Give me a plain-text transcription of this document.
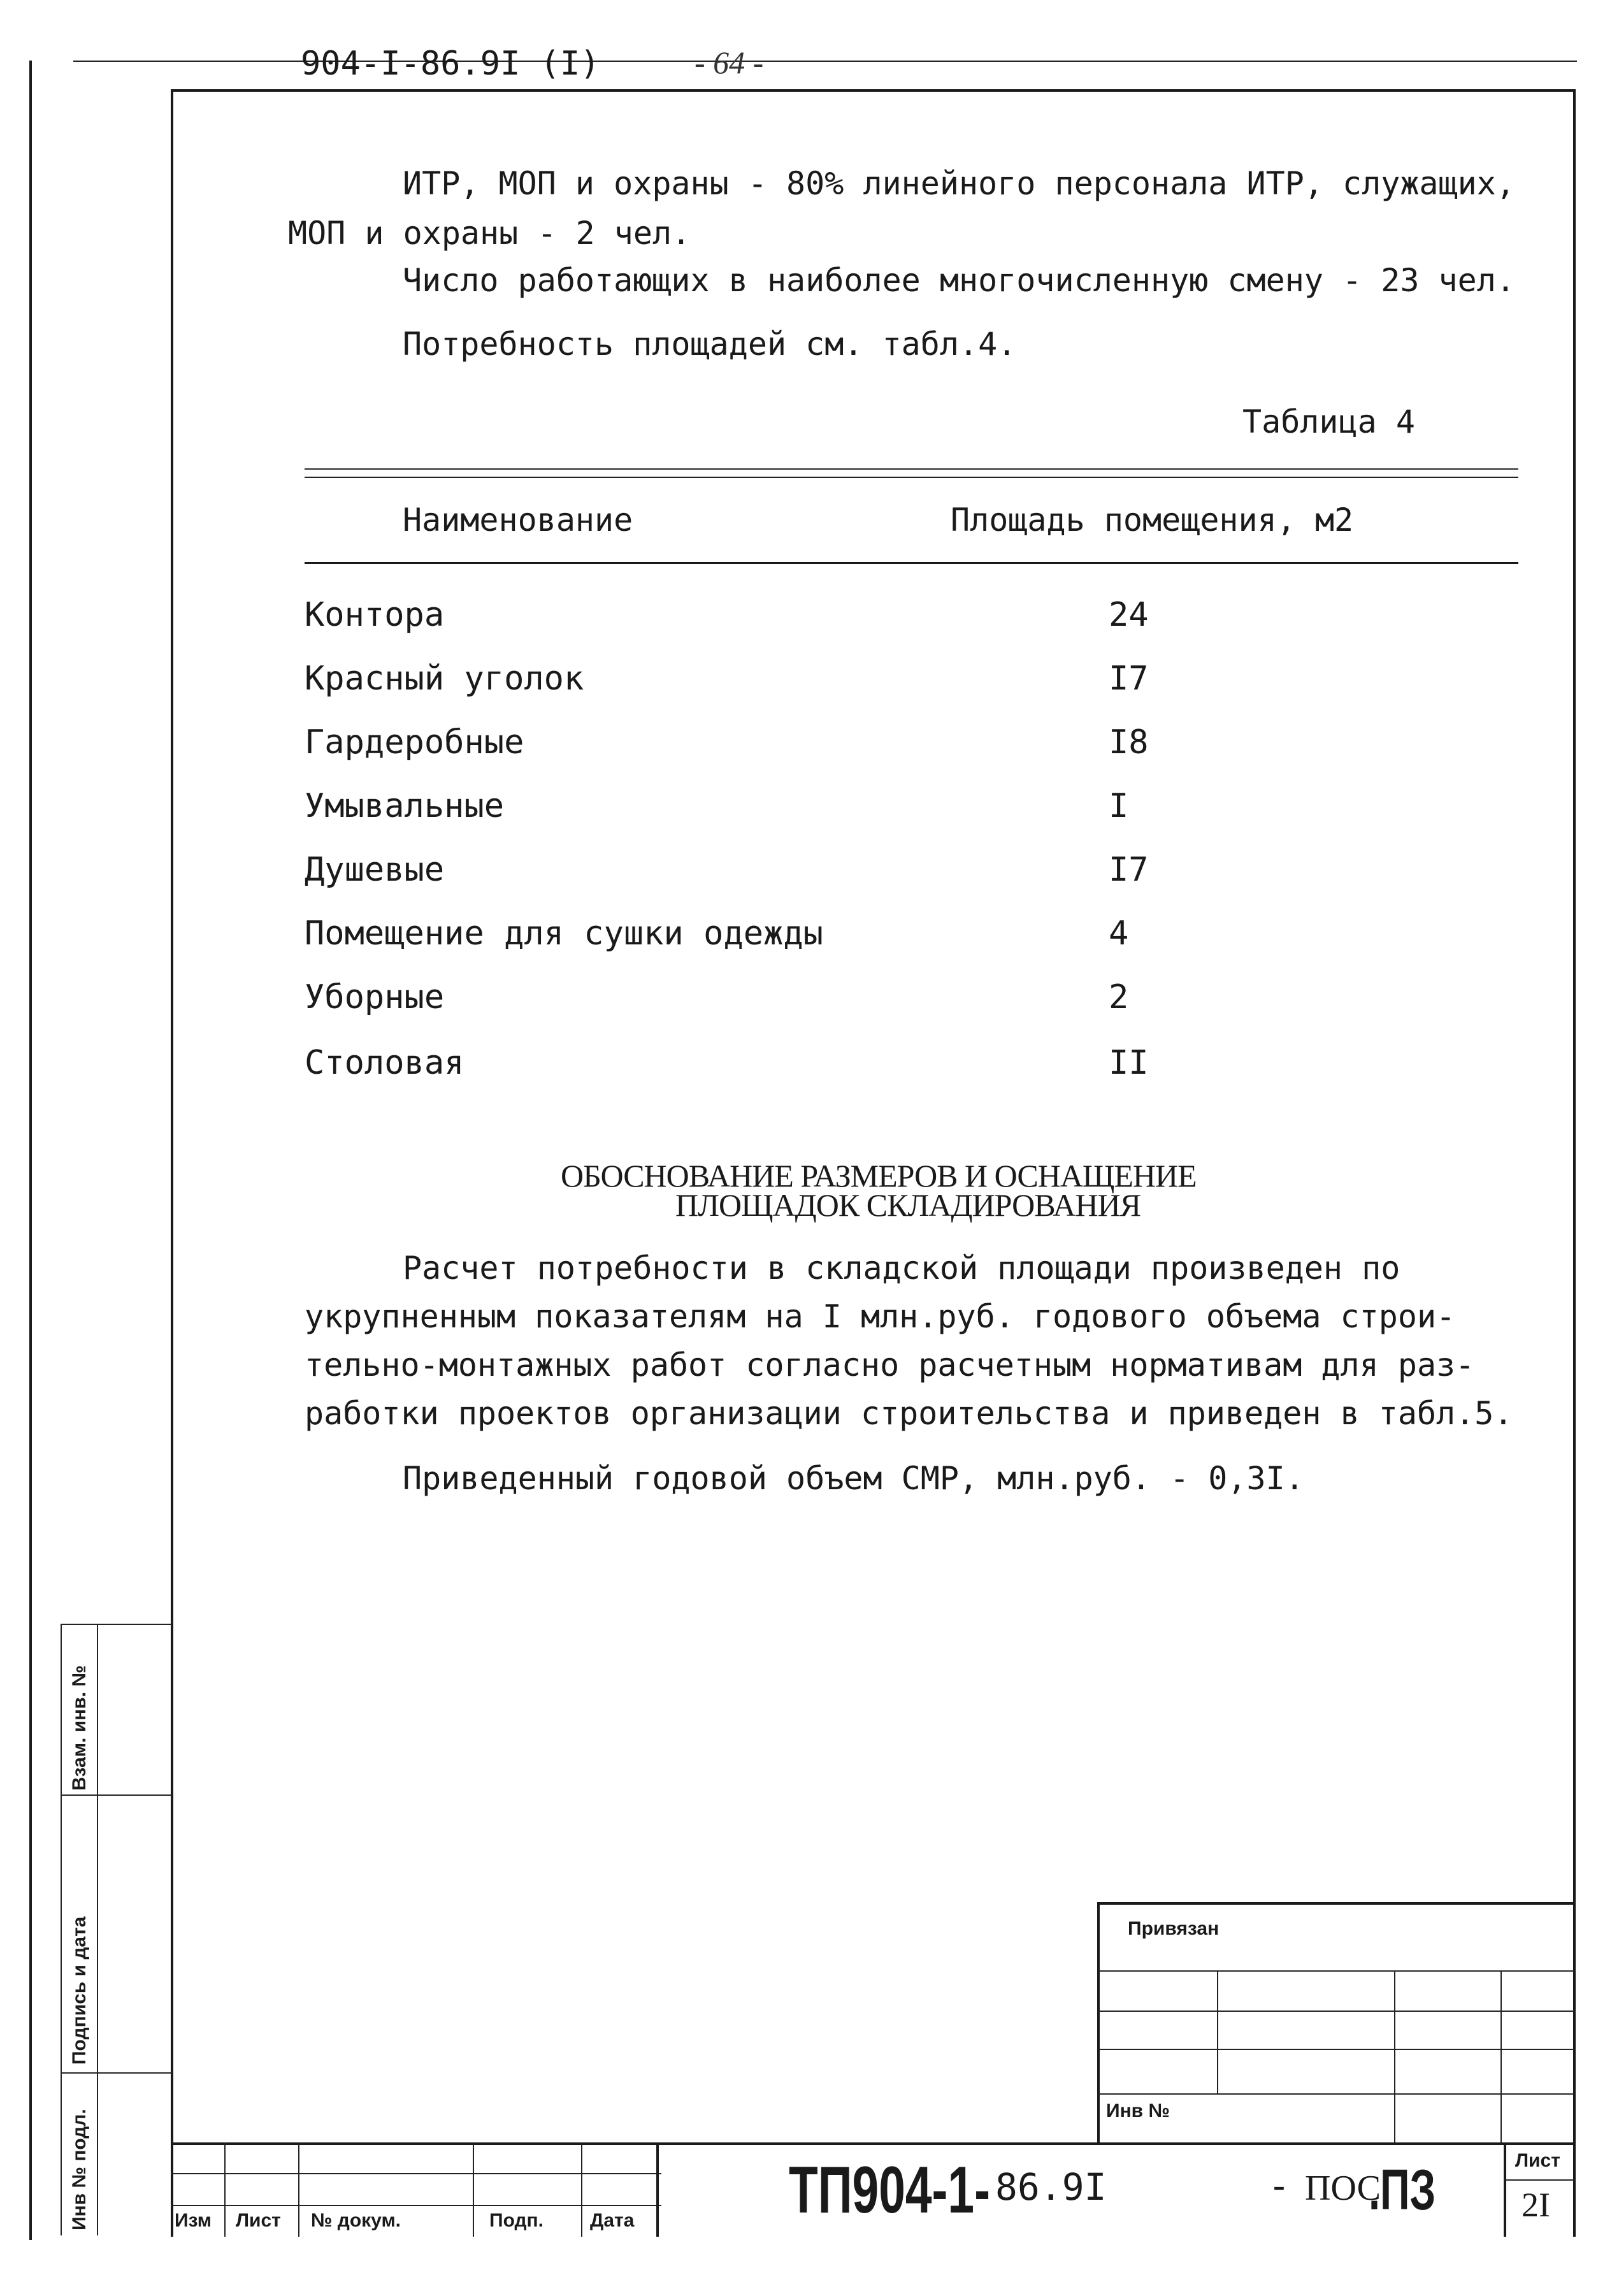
904-I-86.9I (I)	- 64 -
ИТР, МОП и охраны - 80% линейного персонала ИТР, служащих,
МОП и охраны - 2 чел.
Число работающих в наиболее многочисленную смену - 23 чел.
Потребность площадей см. табл.4.
Таблица 4
Наименование	Площадь помещения, м2
Контора	24
Красный уголок	I7
Гардеробные	I8
Умывальные	I
Душевые	I7
Помещение для сушки одежды	4
Уборные	2
Столовая	II
ОБОСНОВАНИЕ РАЗМЕРОВ И ОСНАЩЕНИЕ
ПЛОЩАДОК СКЛАДИРОВАНИЯ
Расчет потребности в складской площади произведен по
укрупненным показателям на I млн.руб. годового объема строи-
тельно-монтажных работ согласно расчетным нормативам для раз-
работки проектов организации строительства и приведен в табл.5.
Приведенный годовой объем СМР, млн.руб. - 0,3I.
Взам. инв. №
Подпись и дата
Инв № подл.
Привязан
Инв №
Изм Лист № докум.	Подп. Дата ТП904-1- 86.9I	- ПОС
.ПЗ	Лист
2I
